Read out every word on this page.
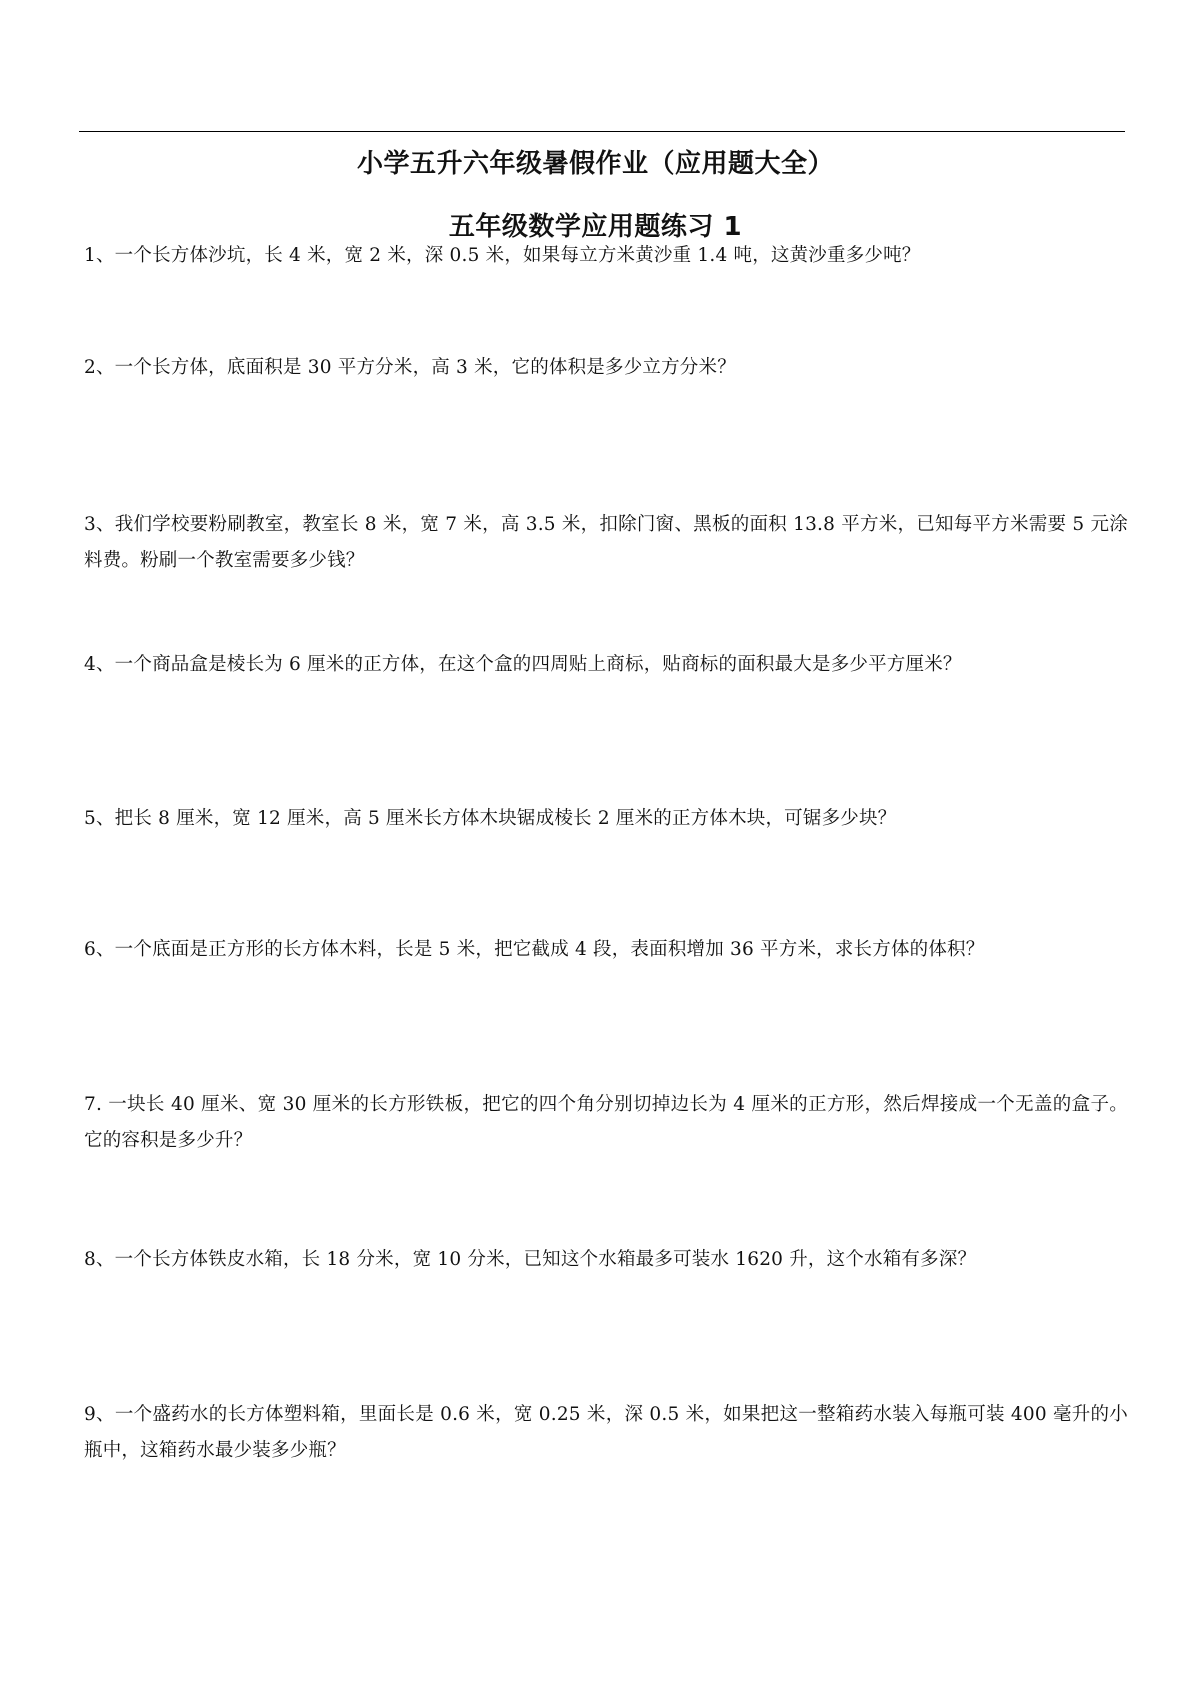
小学五升六年级暑假作业（应用题大全）
五年级数学应用题练习 1
1、一个长方体沙坑，长 4 米，宽 2 米，深 0.5 米，如果每立方米黄沙重 1.4 吨，这黄沙重多少吨？
2、一个长方体，底面积是 30 平方分米，高 3 米，它的体积是多少立方分米？
3、我们学校要粉刷教室，教室长 8 米，宽 7 米，高 3.5 米，扣除门窗、黑板的面积 13.8 平方米，已知每平方米需要 5 元涂料费。粉刷一个教室需要多少钱？
4、一个商品盒是棱长为 6 厘米的正方体，在这个盒的四周贴上商标，贴商标的面积最大是多少平方厘米？
5、把长 8 厘米，宽 12 厘米，高 5 厘米长方体木块锯成棱长 2 厘米的正方体木块，可锯多少块？
6、一个底面是正方形的长方体木料，长是 5 米，把它截成 4 段，表面积增加 36 平方米，求长方体的体积？
7. 一块长 40 厘米、宽 30 厘米的长方形铁板，把它的四个角分别切掉边长为 4 厘米的正方形，然后焊接成一个无盖的盒子。它的容积是多少升？
8、一个长方体铁皮水箱，长 18 分米，宽 10 分米，已知这个水箱最多可装水 1620 升，这个水箱有多深？
9、一个盛药水的长方体塑料箱，里面长是 0.6 米，宽 0.25 米，深 0.5 米，如果把这一整箱药水装入每瓶可装 400 毫升的小瓶中，这箱药水最少装多少瓶？
